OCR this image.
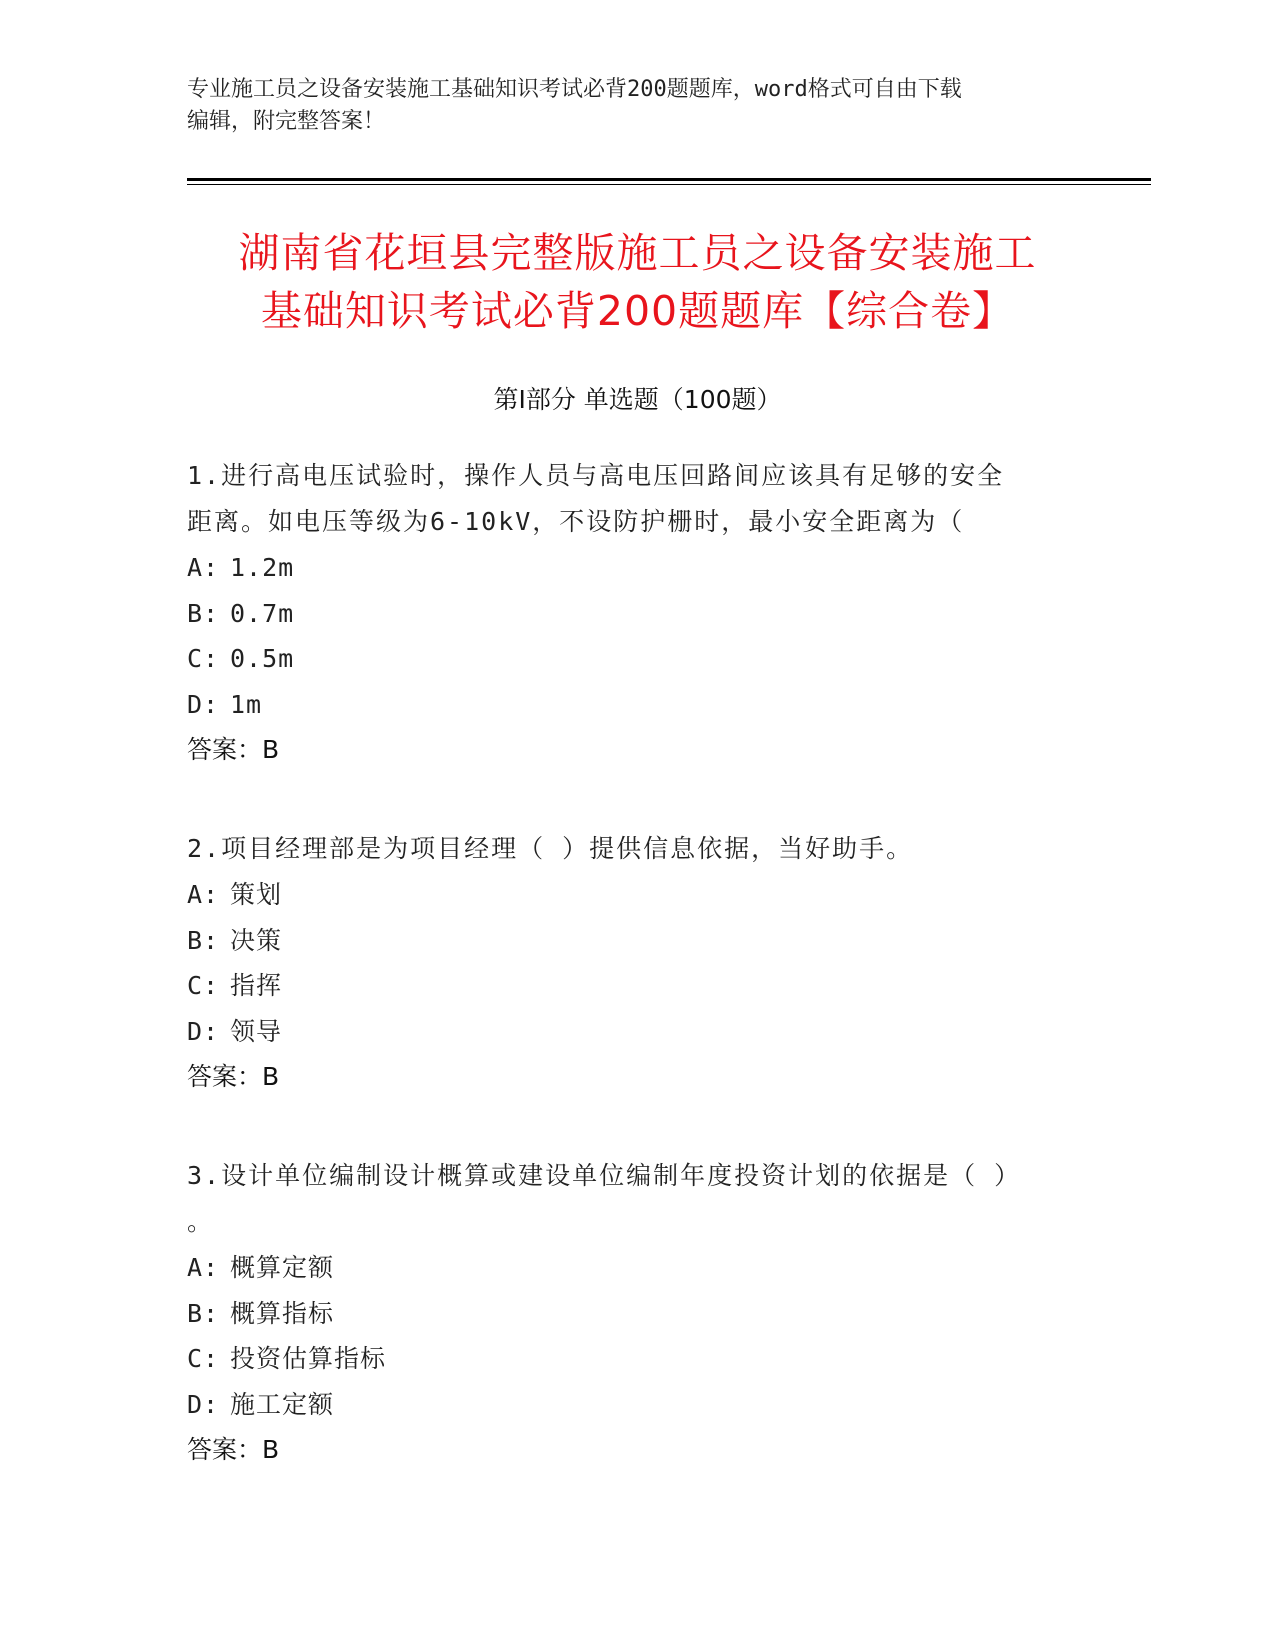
专业施工员之设备安装施工基础知识考试必背200题题库，word格式可自由下载
编辑，附完整答案！
湖南省花垣县完整版施工员之设备安装施工
基础知识考试必背200题题库【综合卷】
第Ⅰ部分 单选题（100题）
1.进行高电压试验时，操作人员与高电压回路间应该具有足够的安全
距离。如电压等级为6-10kV，不设防护栅时，最小安全距离为（
A: 1.2m
B: 0.7m
C: 0.5m
D: 1m
答案：B
2.项目经理部是为项目经理（ ）提供信息依据，当好助手。
A: 策划
B: 决策
C: 指挥
D: 领导
答案：B
3.设计单位编制设计概算或建设单位编制年度投资计划的依据是（ ）
。
A: 概算定额
B: 概算指标
C: 投资估算指标
D: 施工定额
答案：B
